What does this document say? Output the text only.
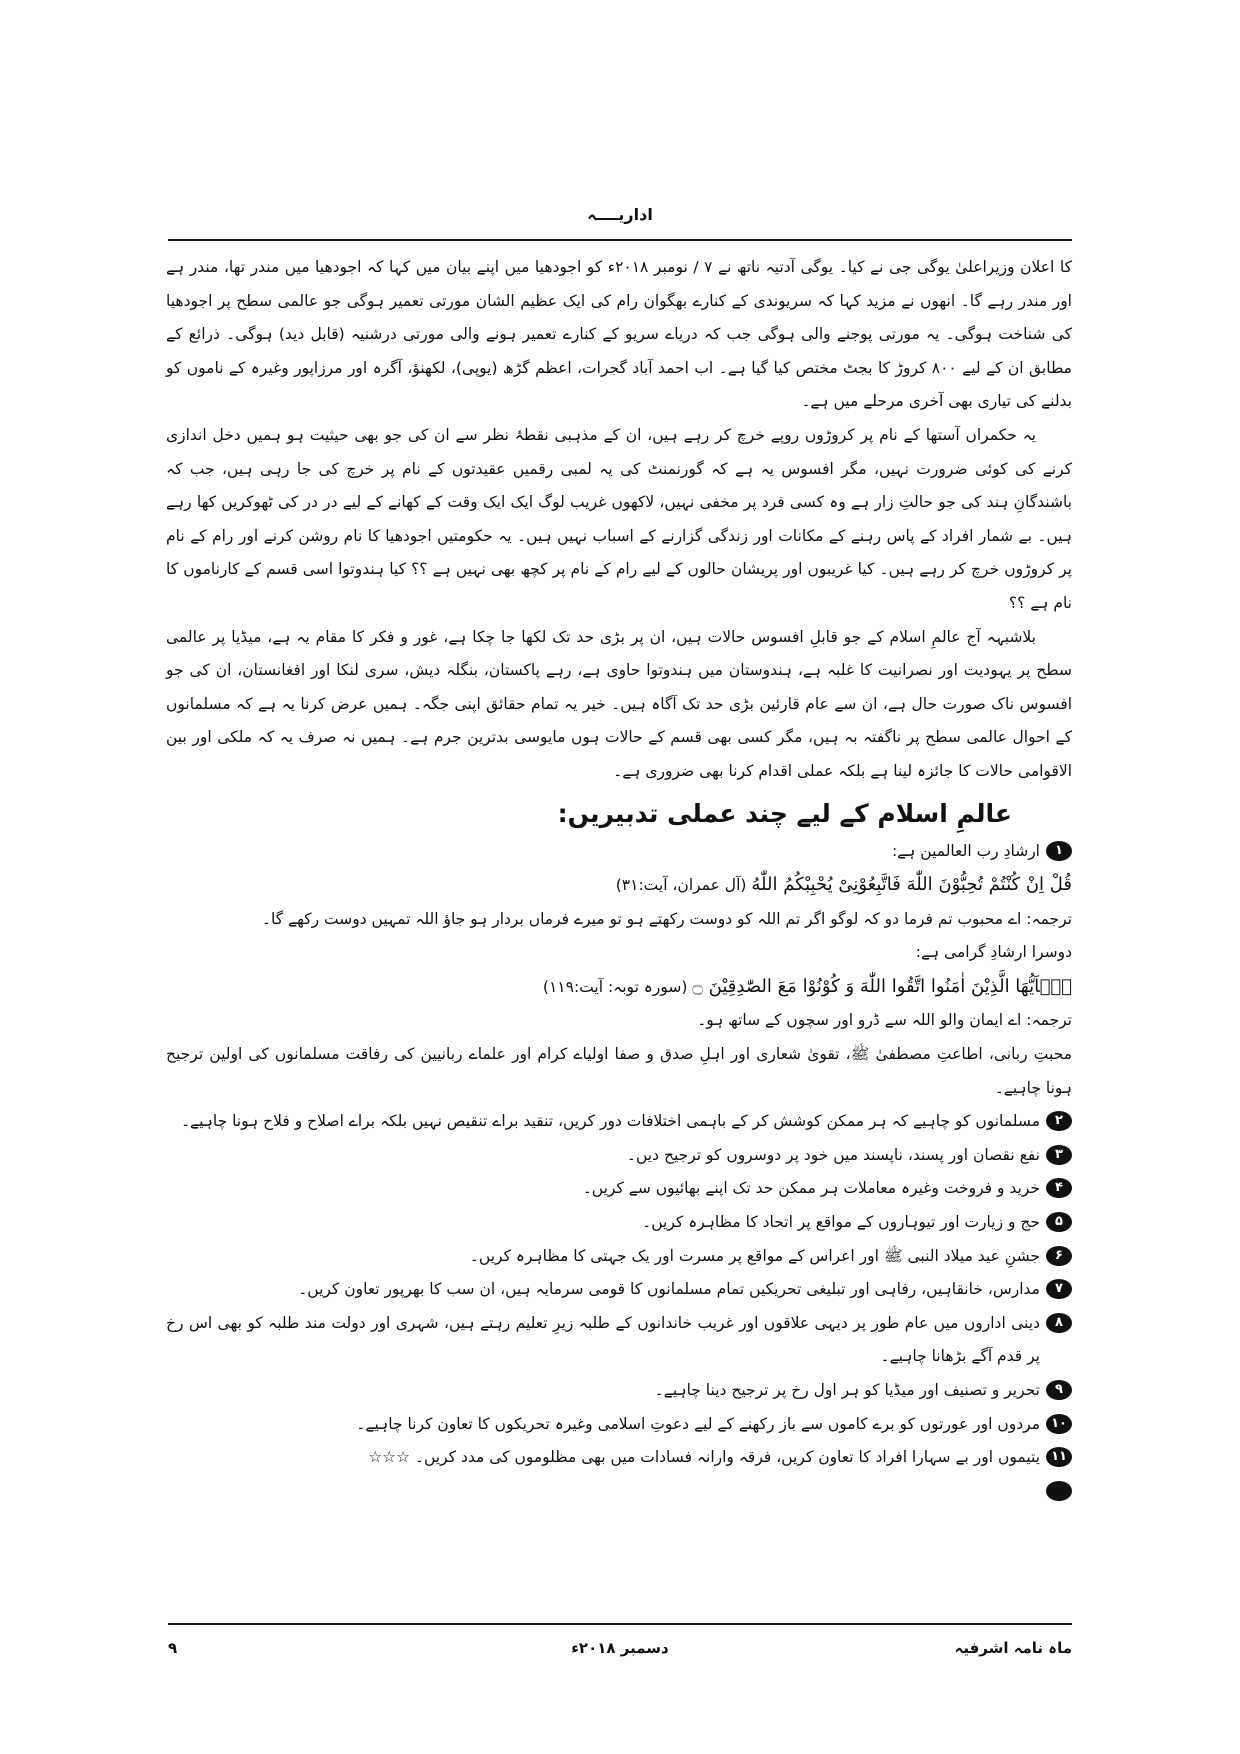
اداریــــہ

کا اعلان وزیراعلیٰ یوگی جی نے کیا۔ یوگی آدتیہ ناتھ نے ۷ / نومبر ۲۰۱۸ء کو اجودھیا میں اپنے بیان میں کہا کہ اجودھیا میں مندر تھا، مندر ہے اور مندر رہے گا۔ انھوں نے مزید کہا کہ سریوندی کے کنارے بھگوان رام کی ایک عظیم الشان مورتی تعمیر ہوگی جو عالمی سطح پر اجودھیا کی شناخت ہوگی۔ یہ مورتی پوجنے والی ہوگی جب کہ دریاے سریو کے کنارے تعمیر ہونے والی مورتی درشنیہ (قابل دید) ہوگی۔ ذرائع کے مطابق ان کے لیے ۸۰۰ کروڑ کا بجٹ مختص کیا گیا ہے۔ اب احمد آباد گجرات، اعظم گڑھ (یوپی)، لکھنؤ، آگرہ اور مرزاپور وغیرہ کے ناموں کو بدلنے کی تیاری بھی آخری مرحلے میں ہے۔

یہ حکمراں آستھا کے نام پر کروڑوں روپے خرچ کر رہے ہیں، ان کے مذہبی نقطۂ نظر سے ان کی جو بھی حیثیت ہو ہمیں دخل اندازی کرنے کی کوئی ضرورت نہیں، مگر افسوس یہ ہے کہ گورنمنٹ کی یہ لمبی رقمیں عقیدتوں کے نام پر خرچ کی جا رہی ہیں، جب کہ باشندگانِ ہند کی جو حالتِ زار ہے وہ کسی فرد پر مخفی نہیں، لاکھوں غریب لوگ ایک ایک وقت کے کھانے کے لیے در در کی ٹھوکریں کھا رہے ہیں۔ بے شمار افراد کے پاس رہنے کے مکانات اور زندگی گزارنے کے اسباب نہیں ہیں۔ یہ حکومتیں اجودھیا کا نام روشن کرنے اور رام کے نام پر کروڑوں خرچ کر رہے ہیں۔ کیا غریبوں اور پریشان حالوں کے لیے رام کے نام پر کچھ بھی نہیں ہے ؟؟ کیا ہندوتوا اسی قسم کے کارناموں کا نام ہے ؟؟

بلاشبہہ آج عالمِ اسلام کے جو قابلِ افسوس حالات ہیں، ان پر بڑی حد تک لکھا جا چکا ہے، غور و فکر کا مقام یہ ہے، میڈیا پر عالمی سطح پر یہودیت اور نصرانیت کا غلبہ ہے، ہندوستان میں ہندوتوا حاوی ہے، رہے پاکستان، بنگلہ دیش، سری لنکا اور افغانستان، ان کی جو افسوس ناک صورت حال ہے، ان سے عام قارئین بڑی حد تک آگاہ ہیں۔ خیر یہ تمام حقائق اپنی جگہ۔ ہمیں عرض کرنا یہ ہے کہ مسلمانوں کے احوال عالمی سطح پر ناگفتہ بہ ہیں، مگر کسی بھی قسم کے حالات ہوں مایوسی بدترین جرم ہے۔ ہمیں نہ صرف یہ کہ ملکی اور بین الاقوامی حالات کا جائزہ لینا ہے بلکہ عملی اقدام کرنا بھی ضروری ہے۔

عالمِ اسلام کے لیے چند عملی تدبیریں:
۱
ارشادِ رب العالمین ہے:

قُلْ اِنْ كُنْتُمْ تُحِبُّوْنَ اللّٰهَ فَاتَّبِعُوْنِیْ یُحْبِبْكُمُ اللّٰهُ (آل عمران، آیت:۳۱)

ترجمہ: اے محبوب تم فرما دو کہ لوگو اگر تم اللہ کو دوست رکھتے ہو تو میرے فرماں بردار ہو جاؤ اللہ تمہیں دوست رکھے گا۔

دوسرا ارشادِ گرامی ہے:

یٰۤاَیُّهَا الَّذِیْنَ اٰمَنُوا اتَّقُوا اللّٰهَ وَ كُوْنُوْا مَعَ الصّٰدِقِیْنَ ۝ (سورہ توبہ: آیت:۱۱۹)

ترجمہ: اے ایمان والو اللہ سے ڈرو اور سچوں کے ساتھ ہو۔

محبتِ ربانی، اطاعتِ مصطفیٰ ﷺ، تقویٰ شعاری اور اہلِ صدق و صفا اولیاے کرام اور علماے ربانیین کی رفاقت مسلمانوں کی اولین ترجیح ہونا چاہیے۔

۲
مسلمانوں کو چاہیے کہ ہر ممکن کوشش کر کے باہمی اختلافات دور کریں، تنقید براے تنقیص نہیں بلکہ براے اصلاح و فلاح ہونا چاہیے۔
۳
نفع نقصان اور پسند، ناپسند میں خود پر دوسروں کو ترجیح دیں۔
۴
خرید و فروخت وغیرہ معاملات ہر ممکن حد تک اپنے بھائیوں سے کریں۔
۵
حج و زیارت اور تیوہاروں کے مواقع پر اتحاد کا مظاہرہ کریں۔
۶
جشنِ عید میلاد النبی ﷺ اور اعراس کے مواقع پر مسرت اور یک جہتی کا مظاہرہ کریں۔
۷
مدارس، خانقاہیں، رفاہی اور تبلیغی تحریکیں تمام مسلمانوں کا قومی سرمایہ ہیں، ان سب کا بھرپور تعاون کریں۔
۸
دینی اداروں میں عام طور پر دیہی علاقوں اور غریب خاندانوں کے طلبہ زیرِ تعلیم رہتے ہیں، شہری اور دولت مند طلبہ کو بھی اس رخ پر قدم آگے بڑھانا چاہیے۔
۹
تحریر و تصنیف اور میڈیا کو ہر اول رخ پر ترجیح دینا چاہیے۔
۱۰
مردوں اور عورتوں کو برے کاموں سے باز رکھنے کے لیے دعوتِ اسلامی وغیرہ تحریکوں کا تعاون کرنا چاہیے۔
۱۱
یتیموں اور بے سہارا افراد کا تعاون کریں، فرقہ وارانہ فسادات میں بھی مظلوموں کی مدد کریں۔ ☆☆☆
ماہ نامہ اشرفیہ
دسمبر ۲۰۱۸ء
۹
